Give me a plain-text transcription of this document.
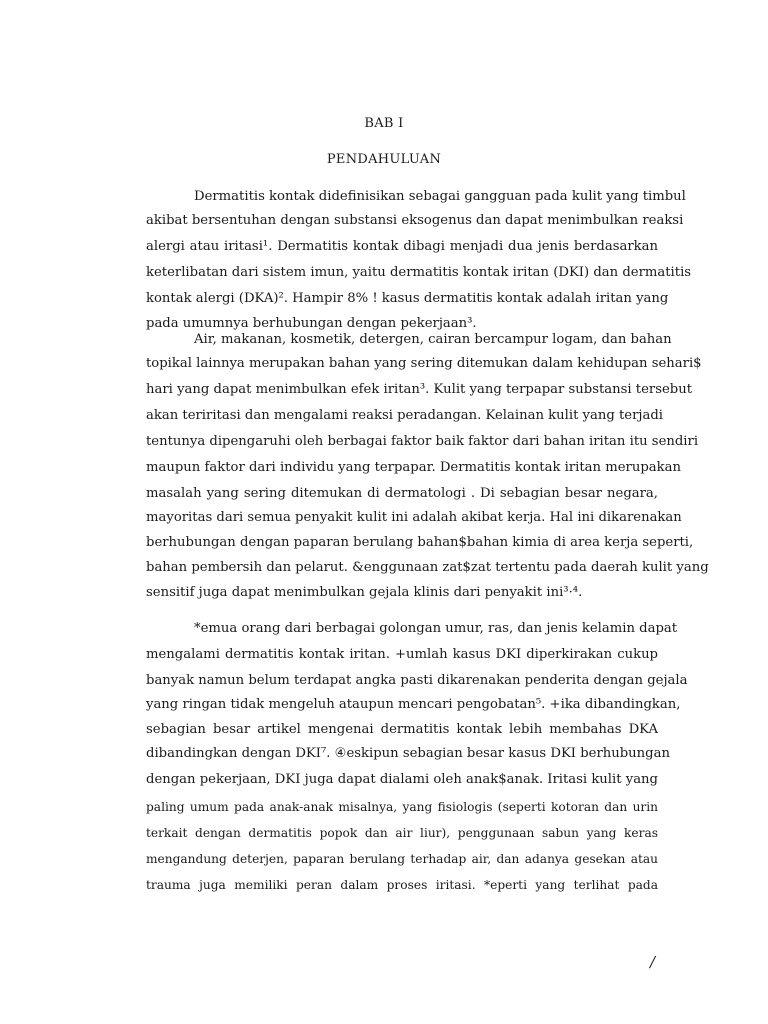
BAB I
PENDAHULUAN
Dermatitis kontak didefinisikan sebagai gangguan pada kulit yang timbul
akibat bersentuhan dengan substansi eksogenus dan dapat menimbulkan reaksi
alergi atau iritasi¹. Dermatitis kontak dibagi menjadi dua jenis berdasarkan
keterlibatan dari sistem imun, yaitu dermatitis kontak iritan (DKI) dan dermatitis
kontak alergi (DKA)². Hampir 8% ! kasus dermatitis kontak adalah iritan yang
pada umumnya berhubungan dengan pekerjaan³.
Air, makanan, kosmetik, detergen, cairan bercampur logam, dan bahan
topikal lainnya merupakan bahan yang sering ditemukan dalam kehidupan sehari$
hari yang dapat menimbulkan efek iritan³. Kulit yang terpapar substansi tersebut
akan teriritasi dan mengalami reaksi peradangan. Kelainan kulit yang terjadi
tentunya dipengaruhi oleh berbagai faktor baik faktor dari bahan iritan itu sendiri
maupun faktor dari individu yang terpapar. Dermatitis kontak iritan merupakan
masalah yang sering ditemukan di dermatologi . Di sebagian besar negara,
mayoritas dari semua penyakit kulit ini adalah akibat kerja. Hal ini dikarenakan
berhubungan dengan paparan berulang bahan$bahan kimia di area kerja seperti,
bahan pembersih dan pelarut. &enggunaan zat$zat tertentu pada daerah kulit yang
sensitif juga dapat menimbulkan gejala klinis dari penyakit ini³·⁴.
*emua orang dari berbagai golongan umur, ras, dan jenis kelamin dapat
mengalami dermatitis kontak iritan. +umlah kasus DKI diperkirakan cukup
banyak namun belum terdapat angka pasti dikarenakan penderita dengan gejala
yang ringan tidak mengeluh ataupun mencari pengobatan⁵. +ika dibandingkan,
sebagian besar artikel mengenai dermatitis kontak lebih membahas DKA
dibandingkan dengan DKI⁷. ④eskipun sebagian besar kasus DKI berhubungan
dengan pekerjaan, DKI juga dapat dialami oleh anak$anak. Iritasi kulit yang
paling umum pada anak-anak misalnya, yang fisiologis (seperti kotoran dan urin
terkait dengan dermatitis popok dan air liur), penggunaan sabun yang keras
mengandung deterjen, paparan berulang terhadap air, dan adanya gesekan atau
trauma juga memiliki peran dalam proses iritasi. *eperti yang terlihat pada
/
